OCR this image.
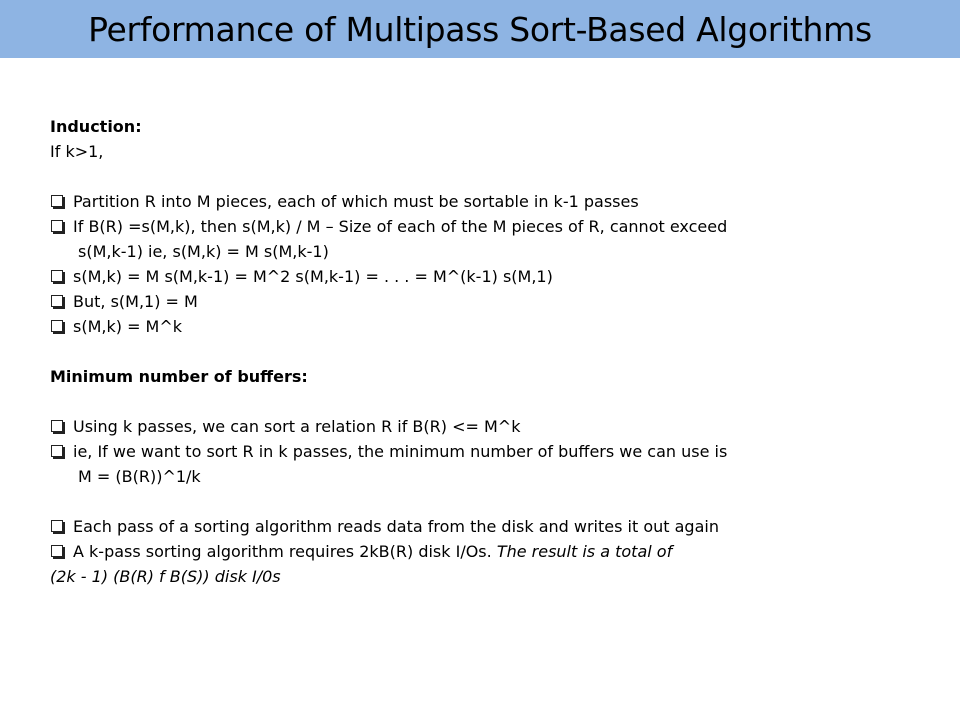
Performance of Multipass Sort-Based Algorithms
Induction:
If k>1,
Partition R into M pieces, each of which must be sortable in k-1 passes
If B(R) =s(M,k), then s(M,k) / M – Size of each of the M pieces of R, cannot exceed
s(M,k-1) ie, s(M,k) = M s(M,k-1)
s(M,k) = M s(M,k-1) = M^2 s(M,k-1) = . . . = M^(k-1) s(M,1)
But, s(M,1) = M
s(M,k) = M^k
Minimum number of buffers:
Using k passes, we can sort a relation R if B(R) <= M^k
ie, If we want to sort R in k passes, the minimum number of buffers we can use is
M = (B(R))^1/k
Each pass of a sorting algorithm reads data from the disk and writes it out again
A k-pass sorting algorithm requires 2kB(R) disk I/Os. The result is a total of
(2k - 1) (B(R) f B(S)) disk I/0s
